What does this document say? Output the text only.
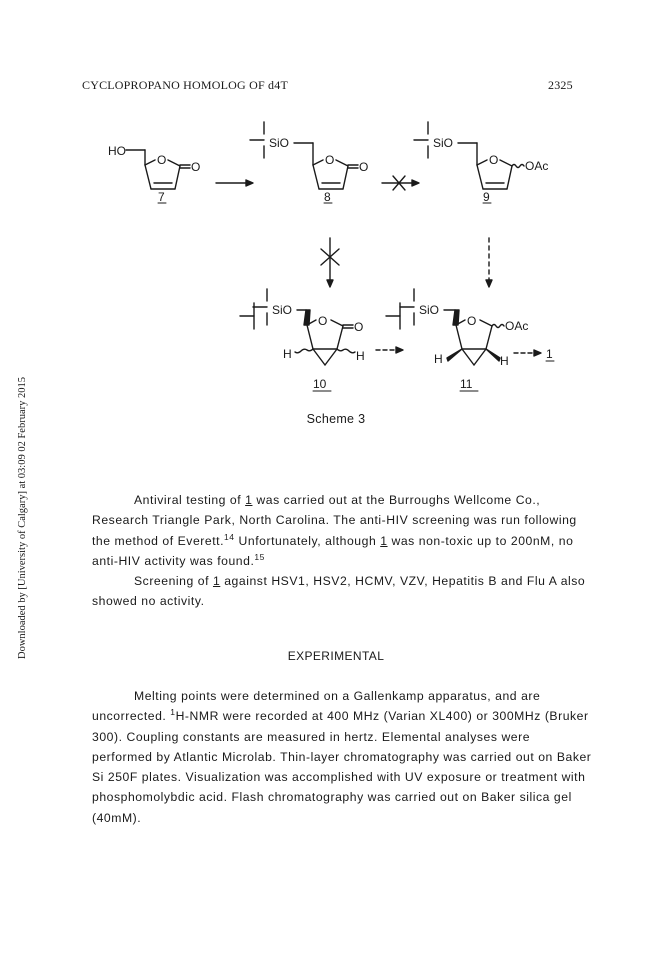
CYCLOPROPANO HOMOLOG OF d4T	2325
Downloaded by [University of Calgary] at 03:09 02 February 2015
HO
O O
7
SiO
O O
8
SiO
O OAc
9
SiO
O O
H	H
10
SiO
O OAc
H	H
11
1
Scheme 3

Antiviral testing of 1 was carried out at the Burroughs Wellcome Co., Research Triangle Park, North Carolina. The anti-HIV screening was run following the method of Everett.$^{14}$ Unfortunately, although 1 was non-toxic up to 200nM, no anti-HIV activity was found.$^{15}$

Screening of 1 against HSV1, HSV2, HCMV, VZV, Hepatitis B and Flu A also showed no activity.

EXPERIMENTAL

Melting points were determined on a Gallenkamp apparatus, and are uncorrected. $^1$H-NMR were recorded at 400 MHz (Varian XL400) or 300MHz (Bruker 300). Coupling constants are measured in hertz. Elemental analyses were performed by Atlantic Microlab. Thin-layer chromatography was carried out on Baker Si 250F plates. Visualization was accomplished with UV exposure or treatment with phosphomolybdic acid. Flash chromatography was carried out on Baker silica gel (40mM).
